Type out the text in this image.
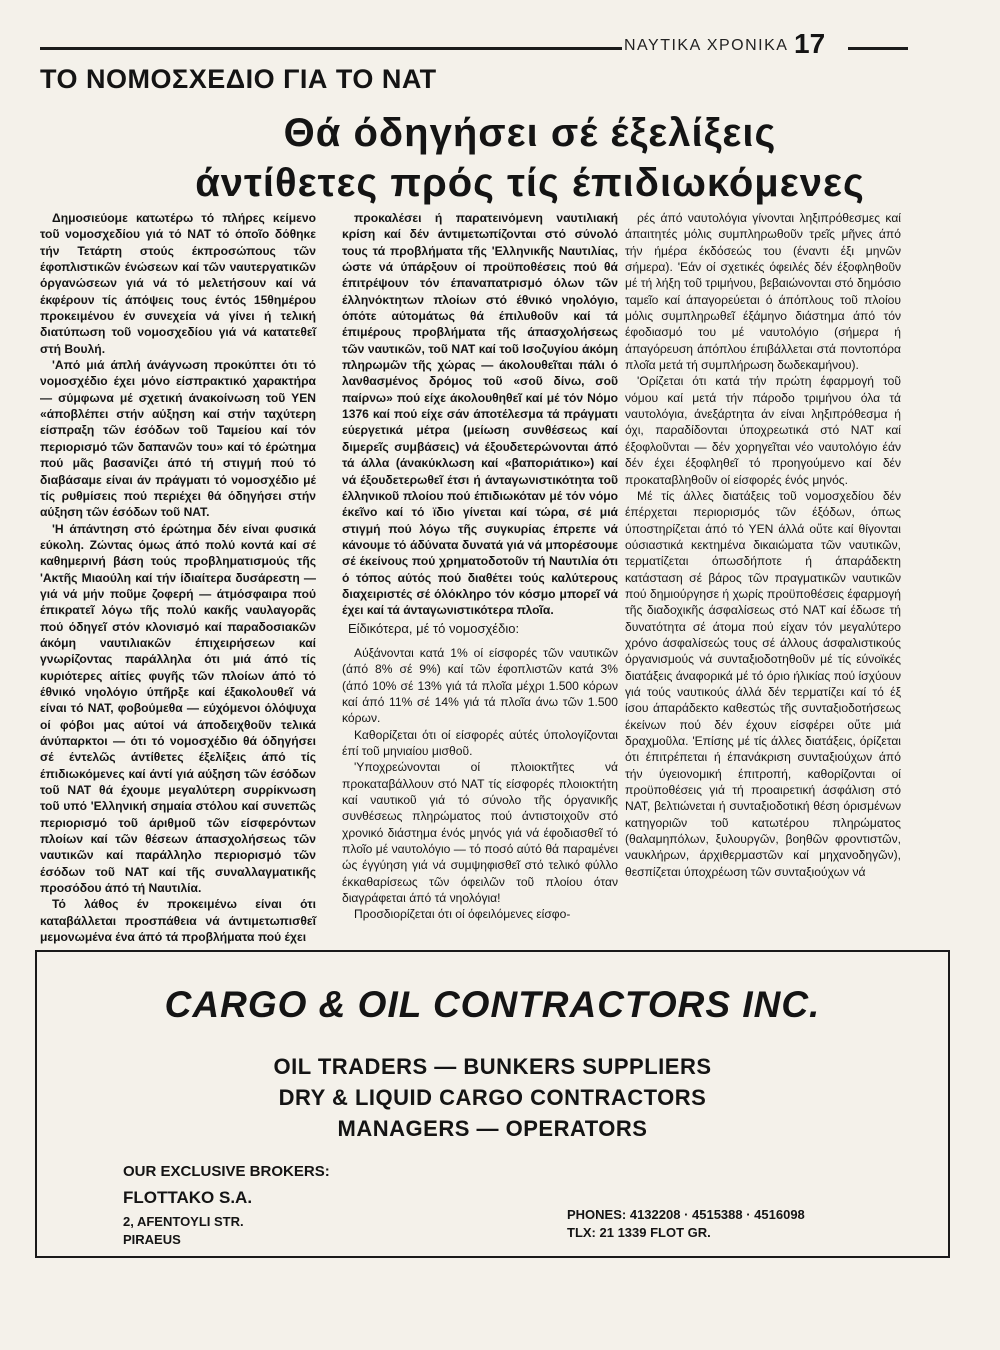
ΝΑΥΤΙΚΑ ΧΡΟΝΙΚΑ 17
ΤΟ ΝΟΜΟΣΧΕΔΙΟ ΓΙΑ ΤΟ ΝΑΤ
Θά όδηγήσει σέ έξελίξεις
άντίθετες πρός τίς έπιδιωκόμενες

Δημοσιεύομε κατωτέρω τό πλήρες κείμενο τοῦ νομοσχεδίου γιά τό ΝΑΤ τό όποῖο δόθηκε τήν Τετάρτη στούς έκπροσώπους τῶν έφοπλιστικῶν ένώσεων καί τῶν ναυτεργατικῶν όργανώσεων γιά νά τό μελετήσουν καί νά έκφέρουν τίς άπόψεις τους έντός 15θημέρου προκειμένου έν συνεχεία νά γίνει ή τελική διατύπωση τοῦ νομοσχεδίου γιά νά κατατεθεῖ στή Βουλή.

'Από μιά άπλή άνάγνωση προκύπτει ότι τό νομοσχέδιο έχει μόνο είσπρακτικό χαρακτήρα — σύμφωνα μέ σχετική άνακοίνωση τοῦ ΥΕΝ «άποβλέπει στήν αύξηση καί στήν ταχύτερη είσπραξη τῶν έσόδων τοῦ Ταμείου καί τόν περιορισμό τῶν δαπανῶν του» καί τό έρώτημα πού μᾶς βασανίζει άπό τή στιγμή πού τό διαβάσαμε είναι άν πράγματι τό νομοσχέδιο μέ τίς ρυθμίσεις πού περιέχει θά όδηγήσει στήν αύξηση τῶν έσόδων τοῦ ΝΑΤ.

'Η άπάντηση στό έρώτημα δέν είναι φυσικά εύκολη. Ζώντας όμως άπό πολύ κοντά καί σέ καθημερινή βάση τούς προβληματισμούς τῆς 'Ακτῆς Μιαούλη καί τήν ίδιαίτερα δυσάρεστη — γιά νά μήν ποῦμε ζοφερή — άτμόσφαιρα πού έπικρατεῖ λόγω τῆς πολύ κακῆς ναυλαγορᾶς πού όδηγεῖ στόν κλονισμό καί παραδοσιακῶν άκόμη ναυτιλιακῶν έπιχειρήσεων καί γνωρίζοντας παράλληλα ότι μιά άπό τίς κυριότερες αίτίες φυγῆς τῶν πλοίων άπό τό έθνικό νηολόγιο ύπῆρξε καί έξακολουθεῖ νά είναι τό ΝΑΤ, φοβούμεθα — εύχόμενοι όλόψυχα οί φόβοι μας αύτοί νά άποδειχθοῦν τελικά άνύπαρκτοι — ότι τό νομοσχέδιο θά όδηγήσει σέ έντελῶς άντίθετες έξελίξεις άπό τίς έπιδιωκόμενες καί άντί γιά αύξηση τῶν έσόδων τοῦ ΝΑΤ θά έχουμε μεγαλύτερη συρρίκνωση τοῦ υπό 'Ελληνική σημαία στόλου καί συνεπῶς περιορισμό τοῦ άριθμοῦ τῶν είσφερόντων πλοίων καί τῶν θέσεων άπασχολήσεως τῶν ναυτικῶν καί παράλληλο περιορισμό τῶν έσόδων τοῦ ΝΑΤ καί τῆς συναλλαγματικῆς προσόδου άπό τή Ναυτιλία.

Τό λάθος έν προκειμένω είναι ότι καταβάλλεται προσπάθεια νά άντιμετωπισθεῖ μεμονωμένα ένα άπό τά προβλήματα πού έχει

προκαλέσει ή παρατεινόμενη ναυτιλιακή κρίση καί δέν άντιμετωπίζονται στό σύνολό τους τά προβλήματα τῆς 'Ελληνικῆς Ναυτιλίας, ώστε νά ύπάρξουν οί προϋποθέσεις πού θά έπιτρέψουν τόν έπαναπατρισμό όλων τῶν έλληνόκτητων πλοίων στό έθνικό νηολόγιο, όπότε αύτομάτως θά έπιλυθοῦν καί τά έπιμέρους προβλήματα τῆς άπασχολήσεως τῶν ναυτικῶν, τοῦ ΝΑΤ καί τοῦ Ισοζυγίου άκόμη πληρωμῶν τῆς χώρας — άκολουθεῖται πάλι ό λανθασμένος δρόμος τοῦ «σοῦ δίνω, σοῦ παίρνω» πού είχε άκολουθηθεῖ καί μέ τόν Νόμο 1376 καί πού είχε σάν άποτέλεσμα τά πράγματι εύεργετικά μέτρα (μείωση συνθέσεως καί διμερεῖς συμβάσεις) νά έξουδετερώνονται άπό τά άλλα (άνακύκλωση καί «βαποριάτικο») καί νά έξουδετερωθεῖ έτσι ή άνταγωνιστικότητα τοῦ έλληνικοῦ πλοίου πού έπιδιωκόταν μέ τόν νόμο έκεῖνο καί τό ϊδιο γίνεται καί τώρα, σέ μιά στιγμή πού λόγω τῆς συγκυρίας έπρεπε νά κάνουμε τό άδύνατα δυνατά γιά νά μπορέσουμε σέ έκείνους πού χρηματοδοτοῦν τή Ναυτιλία ότι ό τόπος αύτός πού διαθέτει τούς καλύτερους διαχειριστές σέ όλόκληρο τόν κόσμο μπορεῖ νά έχει καί τά άνταγωνιστικότερα πλοῖα.

Είδικότερα, μέ τό νομοσχέδιο:

Αύξάνονται κατά 1% οί είσφορές τῶν ναυτικῶν (άπό 8% σέ 9%) καί τῶν έφοπλιστῶν κατά 3% (άπό 10% σέ 13% γιά τά πλοῖα μέχρι 1.500 κόρων καί άπό 11% σέ 14% γιά τά πλοῖα άνω τῶν 1.500 κόρων.

Καθορίζεται ότι οί είσφορές αύτές ύπολογίζονται έπί τοῦ μηνιαίου μισθοῦ.

'Υποχρεώνονται οί πλοιοκτῆτες νά προκαταβάλλουν στό ΝΑΤ τίς είσφορές πλοιοκτήτη καί ναυτικοῦ γιά τό σύνολο τῆς όργανικῆς συνθέσεως πληρώματος πού άντιστοιχοῦν στό χρονικό διάστημα ένός μηνός γιά νά έφοδιασθεῖ τό πλοῖο μέ ναυτολόγιο — τό ποσό αύτό θά παραμένει ώς έγγύηση γιά νά συμψηφισθεῖ στό τελικό φύλλο έκκαθαρίσεως τῶν όφειλῶν τοῦ πλοίου όταν διαγράφεται άπό τά νηολόγια!

Προσδιορίζεται ότι οί όφειλόμενες είσφο-

ρές άπό ναυτολόγια γίνονται ληξιπρόθεσμες καί άπαιτητές μόλις συμπληρωθοῦν τρεῖς μῆνες άπό τήν ήμέρα έκδόσεώς του (έναντι έξι μηνῶν σήμερα). 'Εάν οί σχετικές όφειλές δέν έξοφληθοῦν μέ τή λήξη τοῦ τριμήνου, βεβαιώνονται στό δημόσιο ταμεῖο καί άπαγορεύεται ό άπόπλους τοῦ πλοίου μόλις συμπληρωθεῖ έξάμηνο διάστημα άπό τόν έφοδιασμό του μέ ναυτολόγιο (σήμερα ή άπαγόρευση άπόπλου έπιβάλλεται στά ποντοπόρα πλοῖα μετά τή συμπλήρωση δωδεκαμήνου).

'Ορίζεται ότι κατά τήν πρώτη έφαρμογή τοῦ νόμου καί μετά τήν πάροδο τριμήνου όλα τά ναυτολόγια, άνεξάρτητα άν είναι ληξιπρόθεσμα ή όχι, παραδίδονται ύποχρεωτικά στό ΝΑΤ καί έξοφλοῦνται — δέν χορηγεῖται νέο ναυτολόγιο έάν δέν έχει έξοφληθεῖ τό προηγούμενο καί δέν προκαταβληθοῦν οί είσφορές ένός μηνός.

Μέ τίς άλλες διατάξεις τοῦ νομοσχεδίου δέν έπέρχεται περιορισμός τῶν έξόδων, όπως ύποστηρίζεται άπό τό ΥΕΝ άλλά οὔτε καί θίγονται ούσιαστικά κεκτημένα δικαιώματα τῶν ναυτικῶν, τερματίζεται όπωσδήποτε ή άπαράδεκτη κατάσταση σέ βάρος τῶν πραγματικῶν ναυτικῶν πού δημιούργησε ή χωρίς προϋποθέσεις έφαρμογή τῆς διαδοχικῆς άσφαλίσεως στό ΝΑΤ καί έδωσε τή δυνατότητα σέ άτομα πού είχαν τόν μεγαλύτερο χρόνο άσφαλίσεώς τους σέ άλλους άσφαλιστικούς όργανισμούς νά συνταξιοδοτηθοῦν μέ τίς εύνοϊκές διατάξεις άναφορικά μέ τό όριο ήλικίας πού ίσχύουν γιά τούς ναυτικούς άλλά δέν τερματίζει καί τό έξ ίσου άπαράδεκτο καθεστώς τῆς συνταξιοδοτήσεως έκείνων πού δέν έχουν είσφέρει οὔτε μιά δραχμοῦλα. 'Επίσης μέ τίς άλλες διατάξεις, όρίζεται ότι έπιτρέπεται ή έπανάκριση συνταξιούχων άπό τήν ύγειονομική έπιτροπή, καθορίζονται οί προϋποθέσεις γιά τή προαιρετική άσφάλιση στό ΝΑΤ, βελτιώνεται ή συνταξιοδοτική θέση όρισμένων κατηγοριῶν τοῦ κατωτέρου πληρώματος (θαλαμηπόλων, ξυλουργῶν, βοηθῶν φροντιστῶν, ναυκλήρων, άρχιθερμαστῶν καί μηχανοδηγῶν), θεσπίζεται ύποχρέωση τῶν συνταξιούχων νά

CARGO & OIL CONTRACTORS INC.
OIL TRADERS — BUNKERS SUPPLIERS
DRY & LIQUID CARGO CONTRACTORS
MANAGERS — OPERATORS
OUR EXCLUSIVE BROKERS:
FLOTTAKO S.A.
2, AFENTOYLI STR.
PIRAEUS
PHONES: 4132208 · 4515388 · 4516098
TLX: 21 1339 FLOT GR.
